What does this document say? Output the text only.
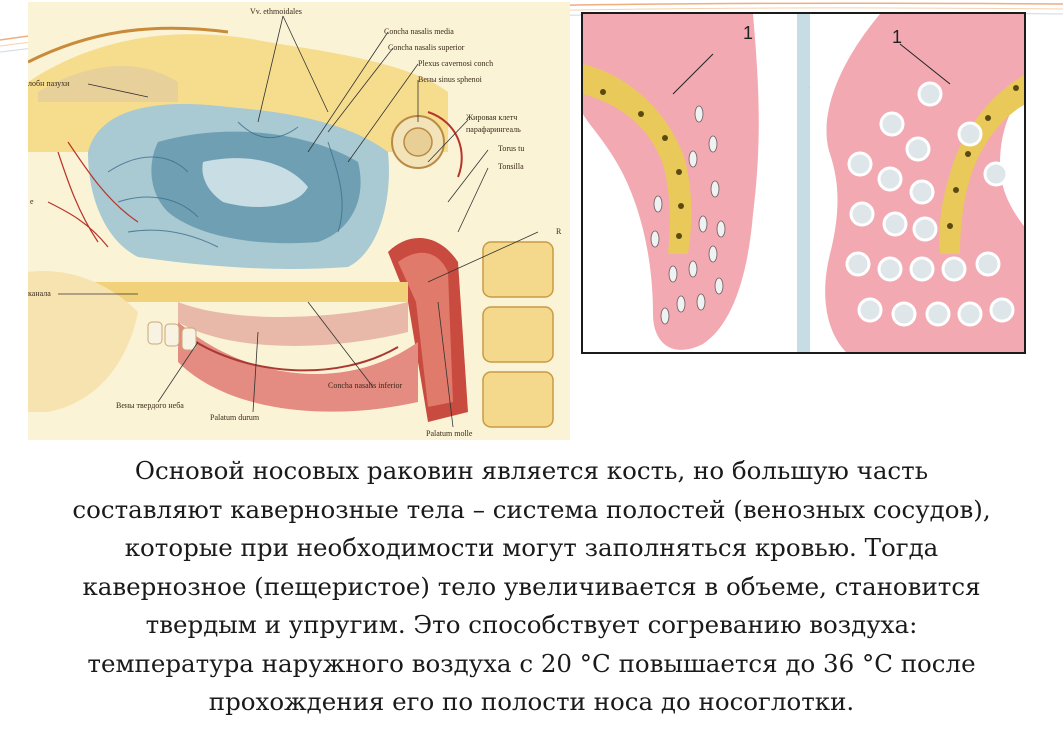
Vv. ethmoidales
Concha nasalis media
Concha nasalis superior
Plexus cavernosi conch
Вены sinus sphenoi
лобн пазухи
Жировая клетч
парафарингеаль
Torus tu
Tonsilla
е
R
канала
Concha nasalis inferior
Вены твердого неба
Palatum durum
Palatum molle
1	1
Основой носовых раковин является кость, но большую часть
составляют кавернозные тела – система полостей (венозных сосудов),
которые при необходимости могут заполняться кровью. Тогда
кавернозное (пещеристое) тело увеличивается в объеме, становится
твердым и упругим. Это способствует согреванию воздуха:
температура наружного воздуха с 20 °С повышается до 36 °С после
прохождения его по полости носа до носоглотки.
